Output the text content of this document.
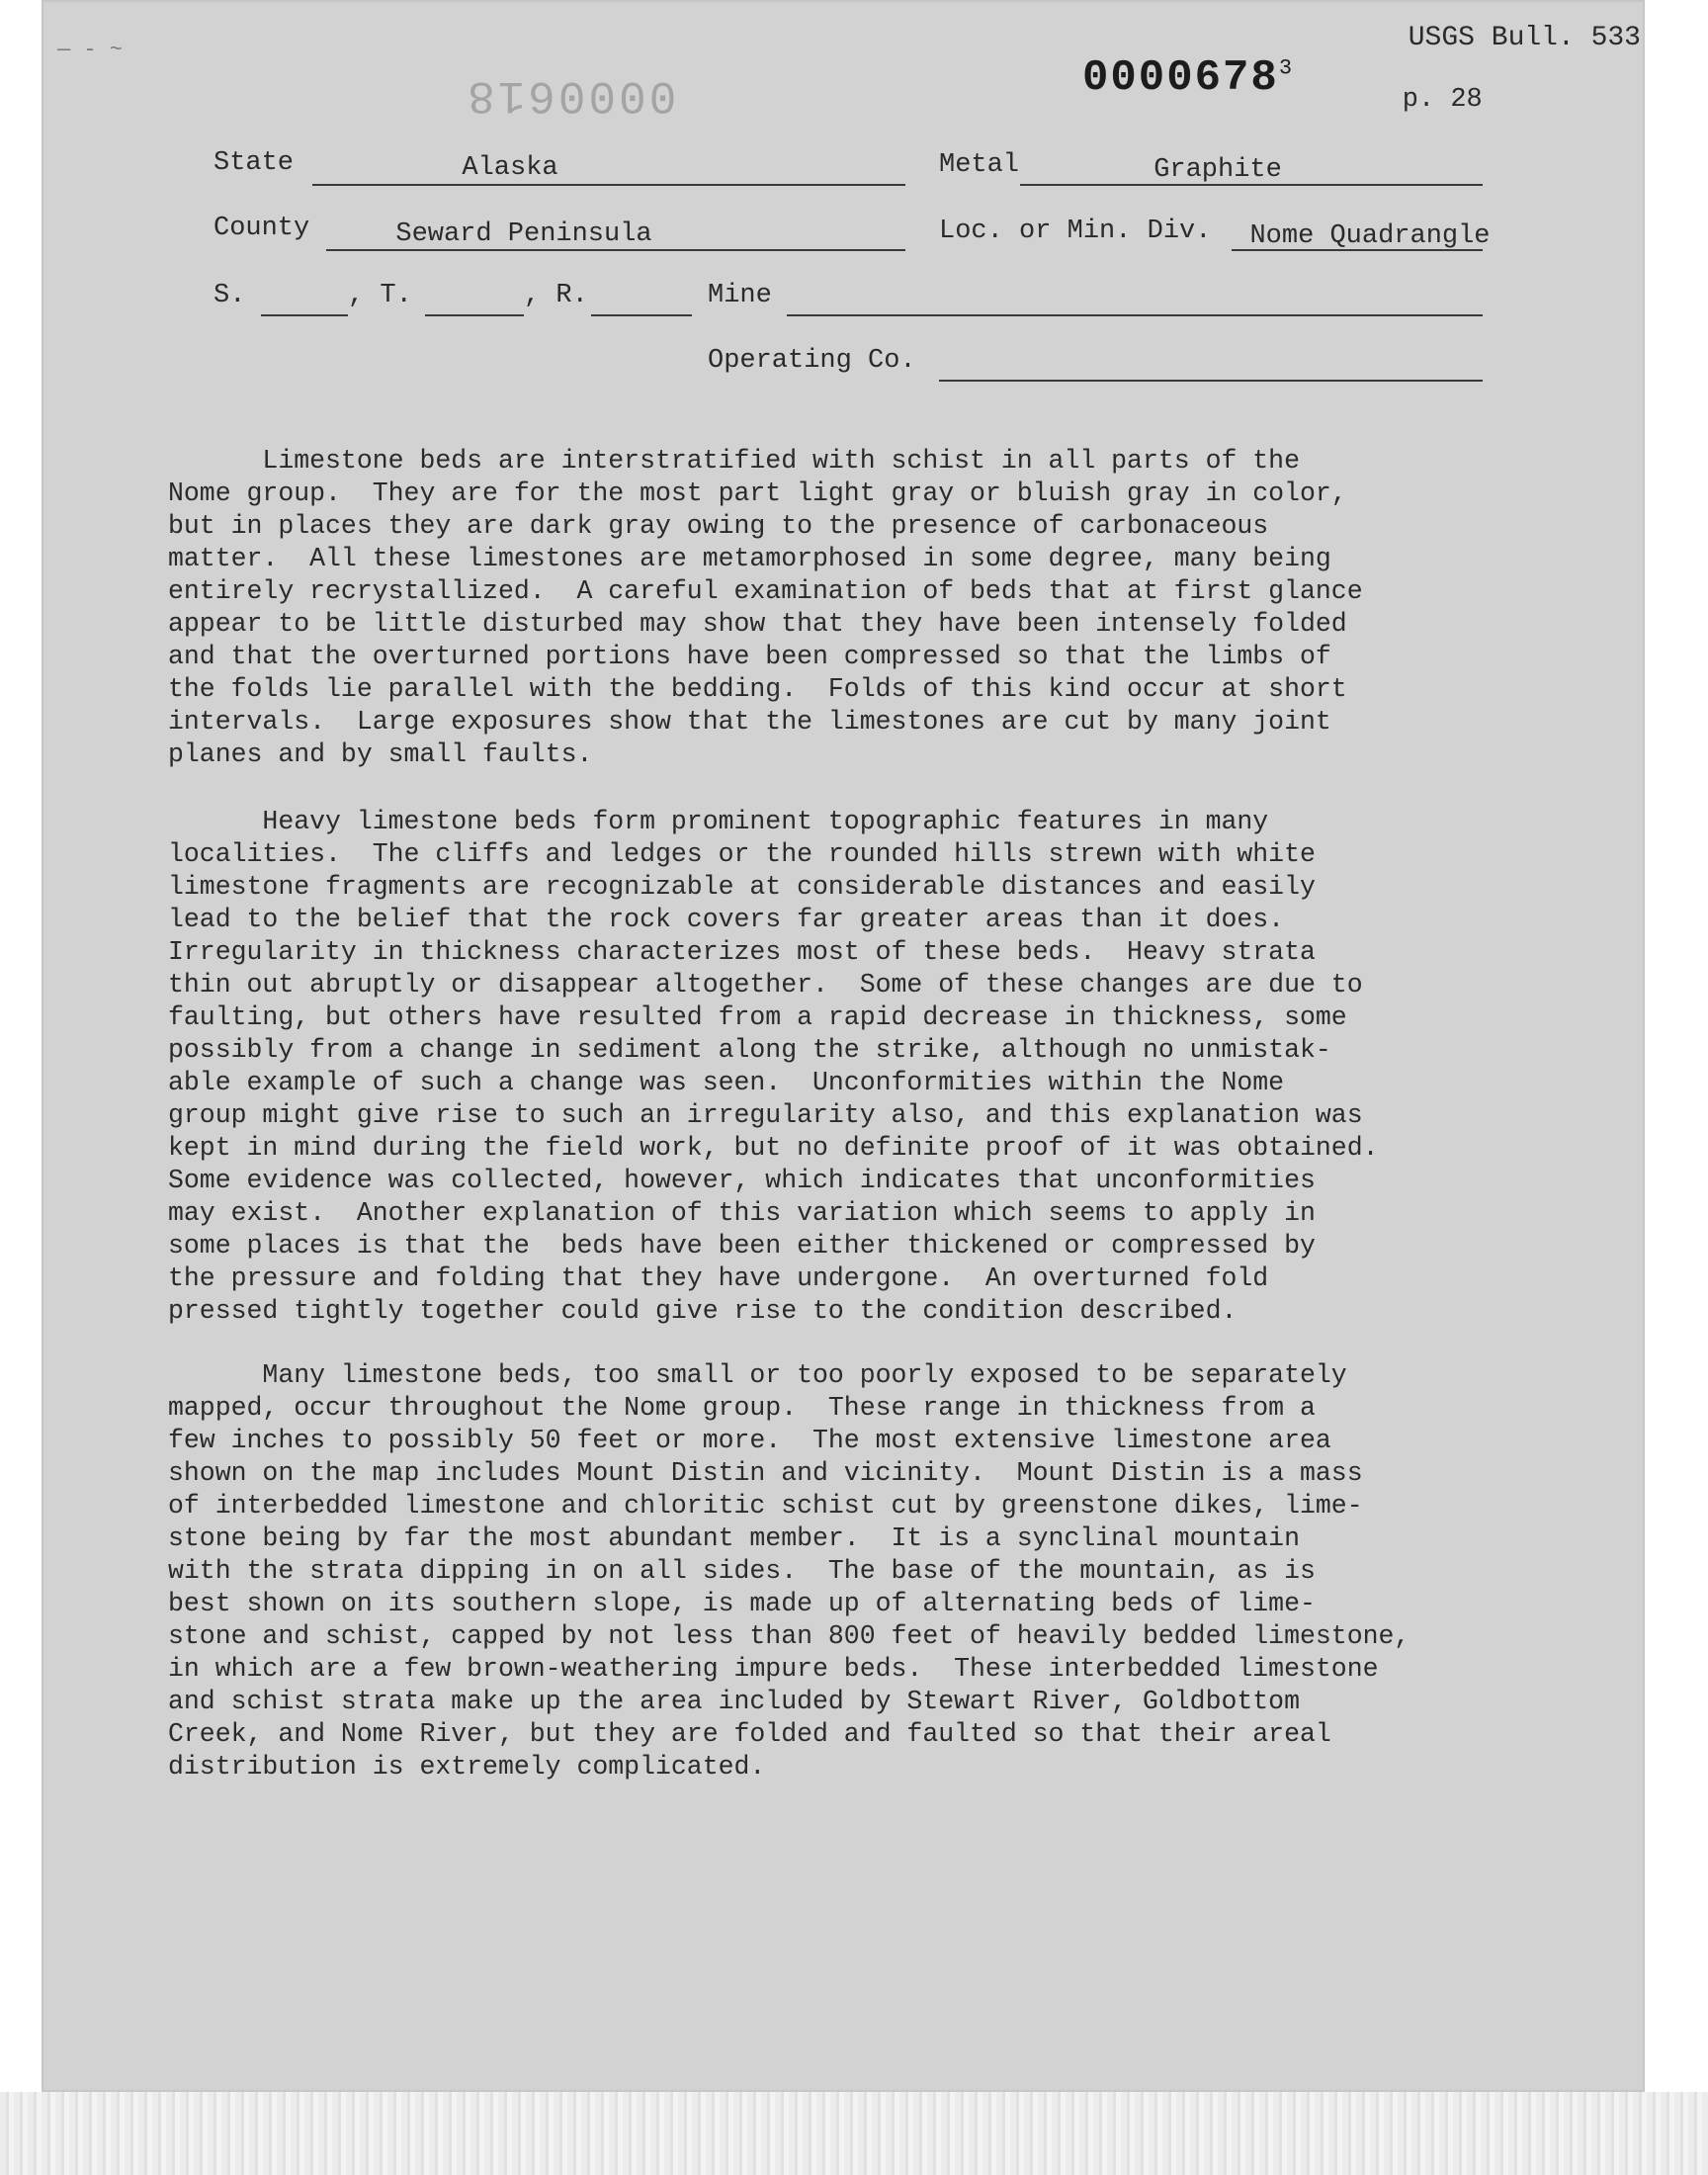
— - ~
0000618	0000678$^3$
USGS Bull. 533
p. 28
State	Alaska	Metal	Graphite
County	Seward Peninsula	Loc. or Min. Div.	Nome Quadrangle
S.	, T.	, R.	Mine
Operating Co.
Limestone beds are interstratified with schist in all parts of the
Nome group.  They are for the most part light gray or bluish gray in color,
but in places they are dark gray owing to the presence of carbonaceous
matter.  All these limestones are metamorphosed in some degree, many being
entirely recrystallized.  A careful examination of beds that at first glance
appear to be little disturbed may show that they have been intensely folded
and that the overturned portions have been compressed so that the limbs of
the folds lie parallel with the bedding.  Folds of this kind occur at short
intervals.  Large exposures show that the limestones are cut by many joint
planes and by small faults.
Heavy limestone beds form prominent topographic features in many
localities.  The cliffs and ledges or the rounded hills strewn with white
limestone fragments are recognizable at considerable distances and easily
lead to the belief that the rock covers far greater areas than it does.
Irregularity in thickness characterizes most of these beds.  Heavy strata
thin out abruptly or disappear altogether.  Some of these changes are due to
faulting, but others have resulted from a rapid decrease in thickness, some
possibly from a change in sediment along the strike, although no unmistak-
able example of such a change was seen.  Unconformities within the Nome
group might give rise to such an irregularity also, and this explanation was
kept in mind during the field work, but no definite proof of it was obtained.
Some evidence was collected, however, which indicates that unconformities
may exist.  Another explanation of this variation which seems to apply in
some places is that the  beds have been either thickened or compressed by
the pressure and folding that they have undergone.  An overturned fold
pressed tightly together could give rise to the condition described.
Many limestone beds, too small or too poorly exposed to be separately
mapped, occur throughout the Nome group.  These range in thickness from a
few inches to possibly 50 feet or more.  The most extensive limestone area
shown on the map includes Mount Distin and vicinity.  Mount Distin is a mass
of interbedded limestone and chloritic schist cut by greenstone dikes, lime-
stone being by far the most abundant member.  It is a synclinal mountain
with the strata dipping in on all sides.  The base of the mountain, as is
best shown on its southern slope, is made up of alternating beds of lime-
stone and schist, capped by not less than 800 feet of heavily bedded limestone,
in which are a few brown-weathering impure beds.  These interbedded limestone
and schist strata make up the area included by Stewart River, Goldbottom
Creek, and Nome River, but they are folded and faulted so that their areal
distribution is extremely complicated.
